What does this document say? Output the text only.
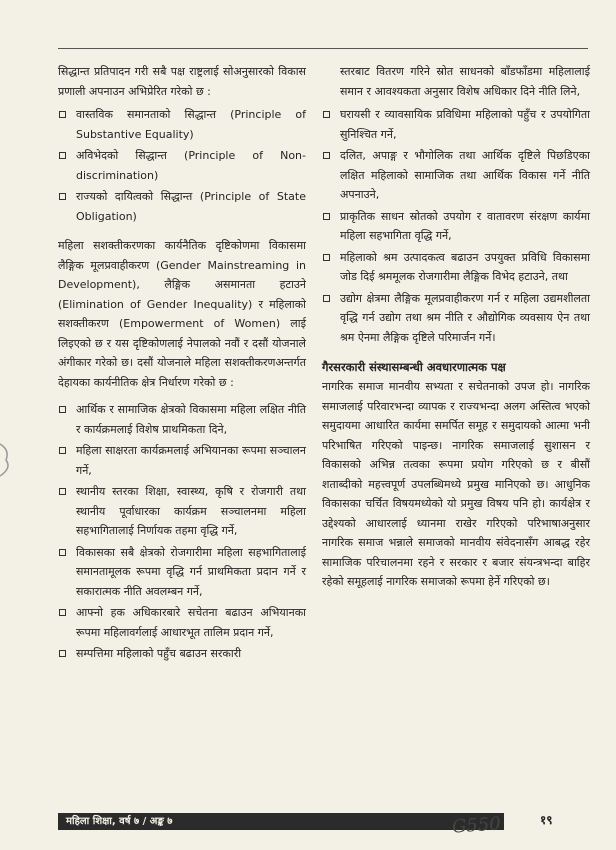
सिद्धान्त प्रतिपादन गरी सबै पक्ष राष्ट्रलाई सोअनुसारको विकास प्रणाली अपनाउन अभिप्रेरित गरेको छ :

वास्तविक समानताको सिद्धान्त (Principle of Substantive Equality)
अविभेदको सिद्धान्त (Principle of Non-discrimination)
राज्यको दायित्वको सिद्धान्त (Principle of State Obligation)

महिला सशक्तीकरणका कार्यनैतिक दृष्टिकोणमा विकासमा लैङ्गिक मूलप्रवाहीकरण (Gender Mainstreaming in Development), लैङ्गिक असमानता हटाउने (Elimination of Gender Inequality) र महिलाको सशक्तीकरण (Empowerment of Women) लाई लिइएको छ र यस दृष्टिकोणलाई नेपालको नवौं र दसौं योजनाले अंगीकार गरेको छ। दसौं योजनाले महिला सशक्तीकरणअन्तर्गत देहायका कार्यनीतिक क्षेत्र निर्धारण गरेको छ :

आर्थिक र सामाजिक क्षेत्रको विकासमा महिला लक्षित नीति र कार्यक्रमलाई विशेष प्राथमिकता दिने,
महिला साक्षरता कार्यक्रमलाई अभियानका रूपमा सञ्चालन गर्ने,
स्थानीय स्तरका शिक्षा, स्वास्थ्य, कृषि र रोजगारी तथा स्थानीय पूर्वाधारका कार्यक्रम सञ्चालनमा महिला सहभागितालाई निर्णायक तहमा वृद्धि गर्ने,
विकासका सबै क्षेत्रको रोजगारीमा महिला सहभागितालाई समानतामूलक रूपमा वृद्धि गर्न प्राथमिकता प्रदान गर्ने र सकारात्मक नीति अवलम्बन गर्ने,
आफ्नो हक अधिकारबारे सचेतना बढाउन अभियानका रूपमा महिलावर्गलाई आधारभूत तालिम प्रदान गर्ने,
सम्पत्तिमा महिलाको पहुँच बढाउन सरकारी

स्तरबाट वितरण गरिने स्रोत साधनको बाँडफाँडमा महिलालाई समान र आवश्यकता अनुसार विशेष अधिकार दिने नीति लिने,

घरायसी र व्यावसायिक प्रविधिमा महिलाको पहुँच र उपयोगिता सुनिश्चित गर्ने,
दलित, अपाङ्ग र भौगोलिक तथा आर्थिक दृष्टिले पिछडिएका लक्षित महिलाको सामाजिक तथा आर्थिक विकास गर्ने नीति अपनाउने,
प्राकृतिक साधन स्रोतको उपयोग र वातावरण संरक्षण कार्यमा महिला सहभागिता वृद्धि गर्ने,
महिलाको श्रम उत्पादकत्व बढाउन उपयुक्त प्रविधि विकासमा जोड दिई श्रममूलक रोजगारीमा लैङ्गिक विभेद हटाउने, तथा
उद्योग क्षेत्रमा लैङ्गिक मूलप्रवाहीकरण गर्न र महिला उद्यमशीलता वृद्धि गर्न उद्योग तथा श्रम नीति र औद्योगिक व्यवसाय ऐन तथा श्रम ऐनमा लैङ्गिक दृष्टिले परिमार्जन गर्ने।
गैरसरकारी संस्थासम्बन्धी अवधारणात्मक पक्ष

नागरिक समाज मानवीय सभ्यता र सचेतनाको उपज हो। नागरिक समाजलाई परिवारभन्दा व्यापक र राज्यभन्दा अलग अस्तित्व भएको समुदायमा आधारित कार्यमा समर्पित समूह र समुदायको आत्मा भनी परिभाषित गरिएको पाइन्छ। नागरिक समाजलाई सुशासन र विकासको अभिन्न तत्वका रूपमा प्रयोग गरिएको छ र बीसौं शताब्दीको महत्त्वपूर्ण उपलब्धिमध्ये प्रमुख मानिएको छ। आधुनिक विकासका चर्चित विषयमध्येको यो प्रमुख विषय पनि हो। कार्यक्षेत्र र उद्देश्यको आधारलाई ध्यानमा राखेर गरिएको परिभाषाअनुसार नागरिक समाज भन्नाले समाजको मानवीय संवेदनासँग आबद्ध रहेर सामाजिक परिचालनमा रहने र सरकार र बजार संयन्त्रभन्दा बाहिर रहेको समूहलाई नागरिक समाजको रूपमा हेर्ने गरिएको छ।

महिला शिक्षा, वर्ष ७ / अङ्क ७	G550	१९
